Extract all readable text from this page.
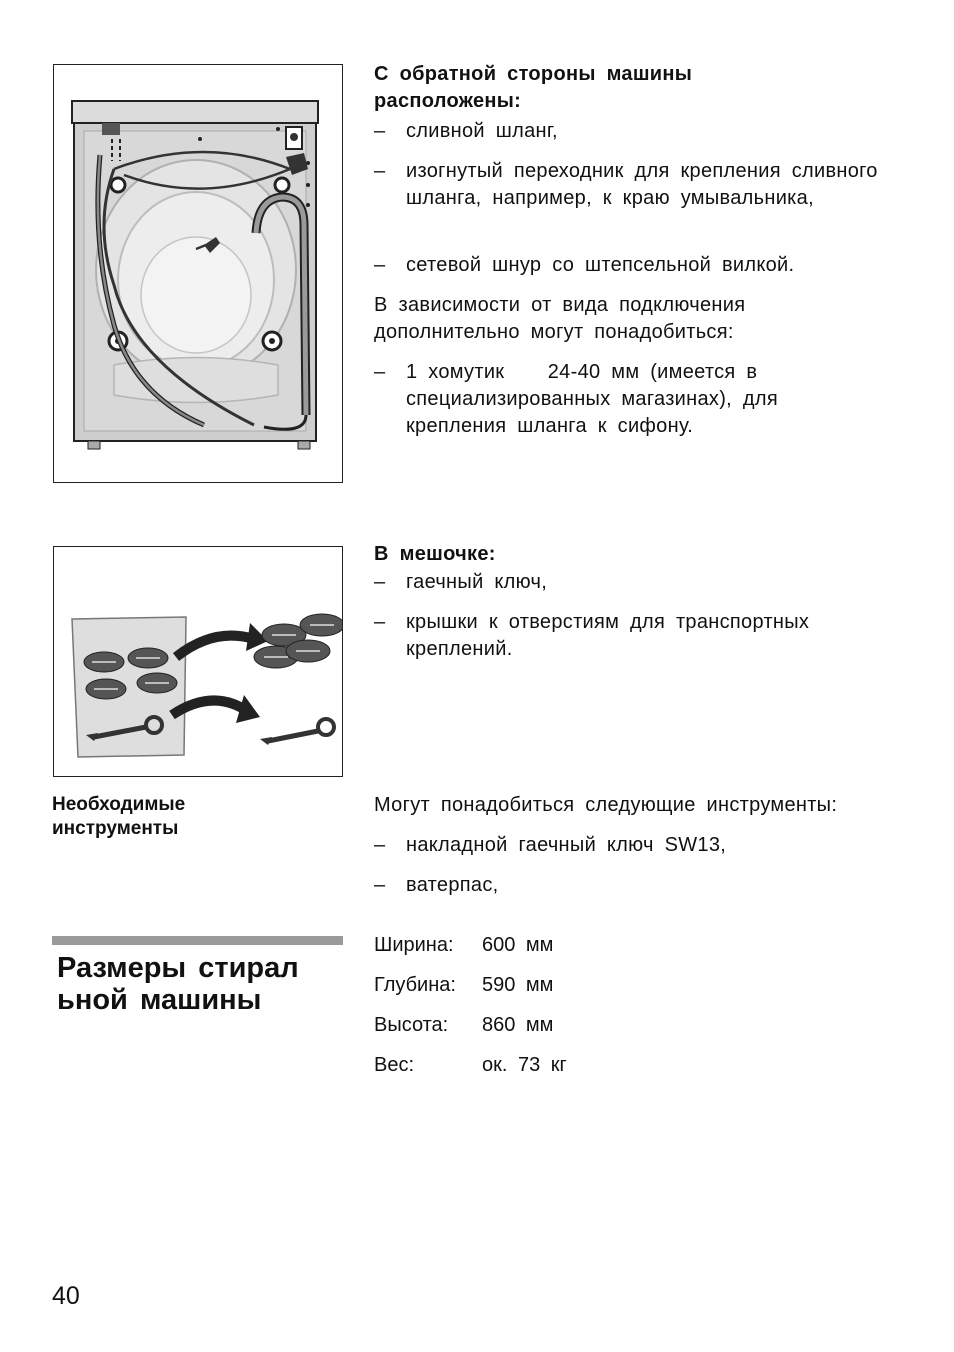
С обратной стороны машины расположены:
– сливной шланг,
– изогнутый переходник для крепления сливного шланга, например, к краю умывальника,
– сетевой шнур со штепсельной вилкой.
В зависимости от вида подключения дополнительно могут понадобиться:
– 1 хомутик    24-40 мм (имеется в специализированных магазинах), для крепления шланга к сифону.
В мешочке:
– гаечный ключ,
– крышки к отверстиям для транспортных креплений.
Необходимые инструменты
Могут понадобиться следующие инструменты:
– накладной гаечный ключ SW13,
– ватерпас,
Размеры стирал ьной машины
Ширина: 600 мм
Глубина: 590 мм
Высота: 860 мм
Вес:	ок. 73 кг
40
